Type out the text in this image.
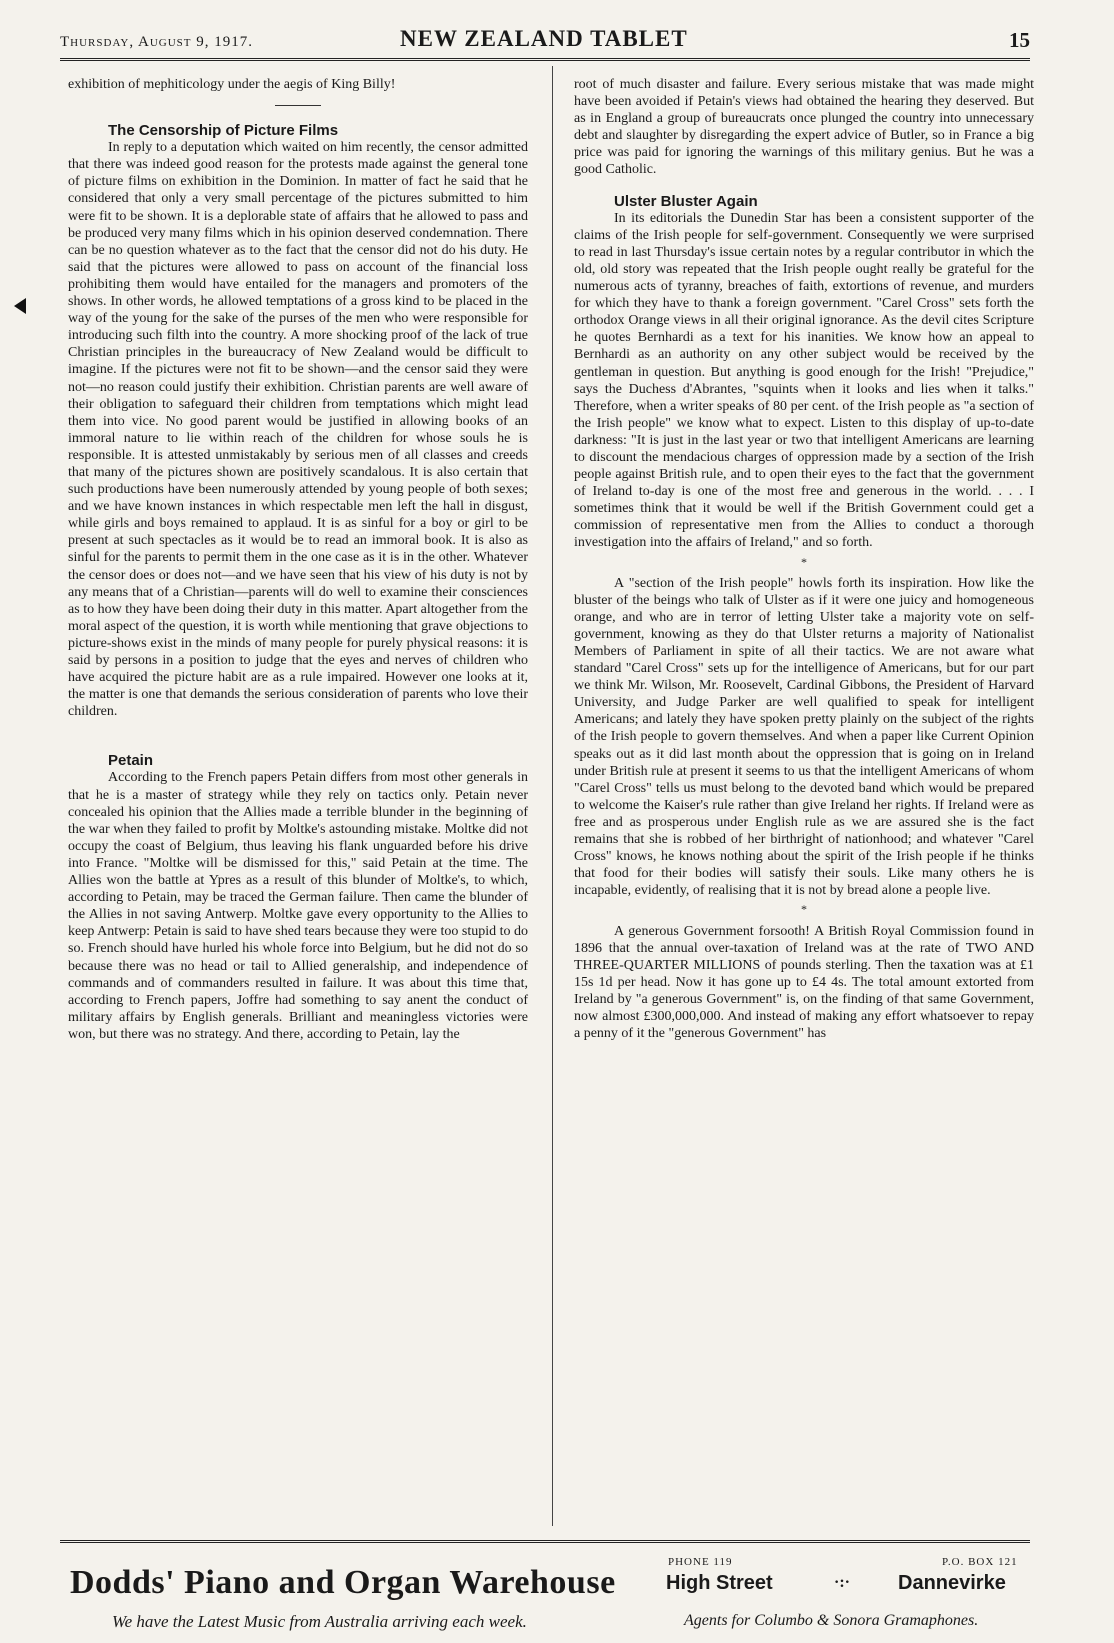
Thursday, August 9, 1917.	NEW ZEALAND TABLET	15

exhibition of mephiticology under the aegis of King Billy!

The Censorship of Picture Films

In reply to a deputation which waited on him recently, the censor admitted that there was indeed good reason for the protests made against the general tone of picture films on exhibition in the Dominion. In matter of fact he said that he considered that only a very small percentage of the pictures submitted to him were fit to be shown. It is a deplorable state of affairs that he allowed to pass and be produced very many films which in his opinion deserved condemnation. There can be no question whatever as to the fact that the censor did not do his duty. He said that the pictures were allowed to pass on account of the financial loss prohibiting them would have entailed for the managers and promoters of the shows. In other words, he allowed temptations of a gross kind to be placed in the way of the young for the sake of the purses of the men who were responsible for introducing such filth into the country. A more shocking proof of the lack of true Christian principles in the bureaucracy of New Zealand would be difficult to imagine. If the pictures were not fit to be shown—and the censor said they were not—no reason could justify their exhibition. Christian parents are well aware of their obligation to safeguard their children from temptations which might lead them into vice. No good parent would be justified in allowing books of an immoral nature to lie within reach of the children for whose souls he is responsible. It is attested unmistakably by serious men of all classes and creeds that many of the pictures shown are positively scandalous. It is also certain that such productions have been numerously attended by young people of both sexes; and we have known instances in which respectable men left the hall in disgust, while girls and boys remained to applaud. It is as sinful for a boy or girl to be present at such spectacles as it would be to read an immoral book. It is also as sinful for the parents to permit them in the one case as it is in the other. Whatever the censor does or does not—and we have seen that his view of his duty is not by any means that of a Christian—parents will do well to examine their consciences as to how they have been doing their duty in this matter. Apart altogether from the moral aspect of the question, it is worth while mentioning that grave objections to picture-shows exist in the minds of many people for purely physical reasons: it is said by persons in a position to judge that the eyes and nerves of children who have acquired the picture habit are as a rule impaired. However one looks at it, the matter is one that demands the serious consideration of parents who love their children.

Petain

According to the French papers Petain differs from most other generals in that he is a master of strategy while they rely on tactics only. Petain never concealed his opinion that the Allies made a terrible blunder in the beginning of the war when they failed to profit by Moltke's astounding mistake. Moltke did not occupy the coast of Belgium, thus leaving his flank unguarded before his drive into France. "Moltke will be dismissed for this," said Petain at the time. The Allies won the battle at Ypres as a result of this blunder of Moltke's, to which, according to Petain, may be traced the German failure. Then came the blunder of the Allies in not saving Antwerp. Moltke gave every opportunity to the Allies to keep Antwerp: Petain is said to have shed tears because they were too stupid to do so. French should have hurled his whole force into Belgium, but he did not do so because there was no head or tail to Allied generalship, and independence of commands and of commanders resulted in failure. It was about this time that, according to French papers, Joffre had something to say anent the conduct of military affairs by English generals. Brilliant and meaningless victories were won, but there was no strategy. And there, according to Petain, lay the

root of much disaster and failure. Every serious mistake that was made might have been avoided if Petain's views had obtained the hearing they deserved. But as in England a group of bureaucrats once plunged the country into unnecessary debt and slaughter by disregarding the expert advice of Butler, so in France a big price was paid for ignoring the warnings of this military genius. But he was a good Catholic.

Ulster Bluster Again

In its editorials the Dunedin Star has been a consistent supporter of the claims of the Irish people for self-government. Consequently we were surprised to read in last Thursday's issue certain notes by a regular contributor in which the old, old story was repeated that the Irish people ought really be grateful for the numerous acts of tyranny, breaches of faith, extortions of revenue, and murders for which they have to thank a foreign government. "Carel Cross" sets forth the orthodox Orange views in all their original ignorance. As the devil cites Scripture he quotes Bernhardi as a text for his inanities. We know how an appeal to Bernhardi as an authority on any other subject would be received by the gentleman in question. But anything is good enough for the Irish! "Prejudice," says the Duchess d'Abrantes, "squints when it looks and lies when it talks." Therefore, when a writer speaks of 80 per cent. of the Irish people as "a section of the Irish people" we know what to expect. Listen to this display of up-to-date darkness: "It is just in the last year or two that intelligent Americans are learning to discount the mendacious charges of oppression made by a section of the Irish people against British rule, and to open their eyes to the fact that the government of Ireland to-day is one of the most free and generous in the world. . . . I sometimes think that it would be well if the British Government could get a commission of representative men from the Allies to conduct a thorough investigation into the affairs of Ireland," and so forth.

*

A "section of the Irish people" howls forth its inspiration. How like the bluster of the beings who talk of Ulster as if it were one juicy and homogeneous orange, and who are in terror of letting Ulster take a majority vote on self-government, knowing as they do that Ulster returns a majority of Nationalist Members of Parliament in spite of all their tactics. We are not aware what standard "Carel Cross" sets up for the intelligence of Americans, but for our part we think Mr. Wilson, Mr. Roosevelt, Cardinal Gibbons, the President of Harvard University, and Judge Parker are well qualified to speak for intelligent Americans; and lately they have spoken pretty plainly on the subject of the rights of the Irish people to govern themselves. And when a paper like Current Opinion speaks out as it did last month about the oppression that is going on in Ireland under British rule at present it seems to us that the intelligent Americans of whom "Carel Cross" tells us must belong to the devoted band which would be prepared to welcome the Kaiser's rule rather than give Ireland her rights. If Ireland were as free and as prosperous under English rule as we are assured she is the fact remains that she is robbed of her birthright of nationhood; and whatever "Carel Cross" knows, he knows nothing about the spirit of the Irish people if he thinks that food for their bodies will satisfy their souls. Like many others he is incapable, evidently, of realising that it is not by bread alone a people live.

*

A generous Government forsooth! A British Royal Commission found in 1896 that the annual over-taxation of Ireland was at the rate of TWO AND THREE-QUARTER MILLIONS of pounds sterling. Then the taxation was at £1 15s 1d per head. Now it has gone up to £4 4s. The total amount extorted from Ireland by "a generous Government" is, on the finding of that same Government, now almost £300,000,000. And instead of making any effort whatsoever to repay a penny of it the "generous Government" has

Dodds' Piano and Organ Warehouse
We have the Latest Music from Australia arriving each week.
PHONE 119
High Street	·:·
P.O. BOX 121
Dannevirke
Agents for Columbo & Sonora Gramaphones.
